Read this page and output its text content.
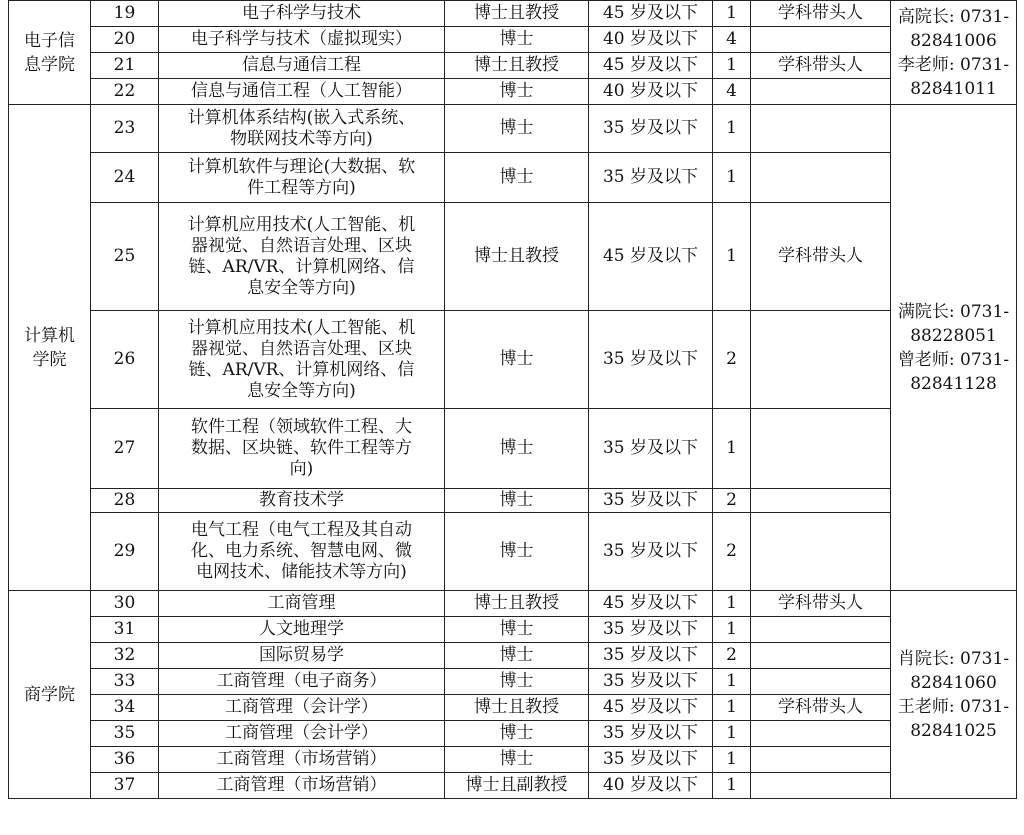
电子信
息学院	19	电子科学与技术	博士且教授	45 岁及以下	1	学科带头人	高院长: 0731-
82841006
李老师: 0731-
82841011

	20	电子科学与技术（虚拟现实）	博士	40 岁及以下	4		
	21	信息与通信工程	博士且教授	45 岁及以下	1	学科带头人	
	22	信息与通信工程（人工智能）	博士	40 岁及以下	4		

计算机
学院	23	计算机体系结构(嵌入式系统、
物联网技术等方向)	博士	35 岁及以下	1		满院长: 0731-
88228051
曾老师: 0731-
82841128

	24	计算机软件与理论(大数据、软
件工程等方向)	博士	35 岁及以下	1		
	25	计算机应用技术(人工智能、机
器视觉、自然语言处理、区块
链、AR/VR、计算机网络、信
息安全等方向)	博士且教授	45 岁及以下	1	学科带头人	
	26	计算机应用技术(人工智能、机
器视觉、自然语言处理、区块
链、AR/VR、计算机网络、信
息安全等方向)	博士	35 岁及以下	2		
	27	软件工程（领域软件工程、大
数据、区块链、软件工程等方
向)	博士	35 岁及以下	1		
	28	教育技术学	博士	35 岁及以下	2		
	29	电气工程（电气工程及其自动
化、电力系统、智慧电网、微
电网技术、储能技术等方向)	博士	35 岁及以下	2		

商学院	30	工商管理	博士且教授	45 岁及以下	1	学科带头人	肖院长: 0731-
82841060
王老师: 0731-
82841025

	31	人文地理学	博士	35 岁及以下	1		
	32	国际贸易学	博士	35 岁及以下	2		
	33	工商管理（电子商务）	博士	35 岁及以下	1		
	34	工商管理（会计学）	博士且教授	45 岁及以下	1	学科带头人	
	35	工商管理（会计学）	博士	35 岁及以下	1		
	36	工商管理（市场营销）	博士	35 岁及以下	1		
	37	工商管理（市场营销）	博士且副教授	40 岁及以下	1		
